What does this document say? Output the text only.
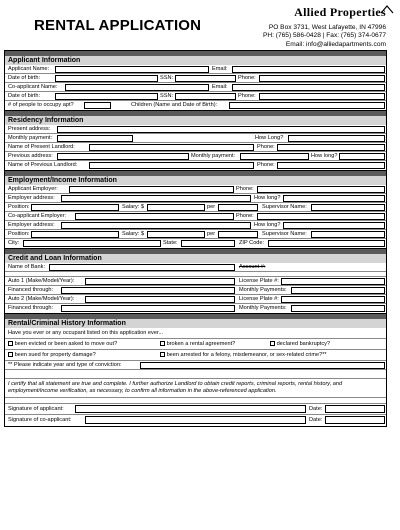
RENTAL APPLICATION
Allied Properties
PO Box 3731, West Lafayette, IN 47996
PH: (765) 586-0428 | Fax: (765) 374-0677
Email: info@alliedapartments.com
Applicant Information
Applicant Name:	Email:
Date of birth:	SSN:	Phone:
Co-applicant Name:	Email:
Date of birth:	SSN:	Phone:
# of people to occupy apt?	Children (Name and Date of Birth):
Residency Information
Present address:
Monthly payment:	How Long?
Name of Present Landlord:	Phone:
Previous address:	Monthly payment:	How long?
Name of Previous Landlord:	Phone:
Employment/Income Information
Applicant Employer:	Phone:
Employer address:	How long?
Position:	Salary: $	per	Supervisor Name:
Co-applicant Employer:	Phone:
Employer address:	How long?
Position:	Salary: $	per	Supervisor Name:
City:	State:	ZIP Code:
Credit and Loan Information
Name of Bank:	Account #:
Auto 1 (Make/Model/Year):	License Plate #:
Financed through:	Monthly Payments:
Auto 2 (Make/Model/Year):	License Plate #:
Financed through:	Monthly Payments:
Rental/Criminal History Information
Have you ever or any occupant listed on this application ever...
been evicted or been asked to move out?	broken a rental agreement?	declared bankruptcy?
been sued for property damage?	been arrested for a felony, misdemeanor, or sex-related crime?**
** Please indicate year and type of conviction:
I certify that all statement are true and complete. I further authorize Landlord to obtain credit reports, criminal reports, rental history, and employment/income verification, as necessary, to confirm all information in the above-referenced application.
Signature of applicant:	Date:
Signature of co-applicant:	Date:
